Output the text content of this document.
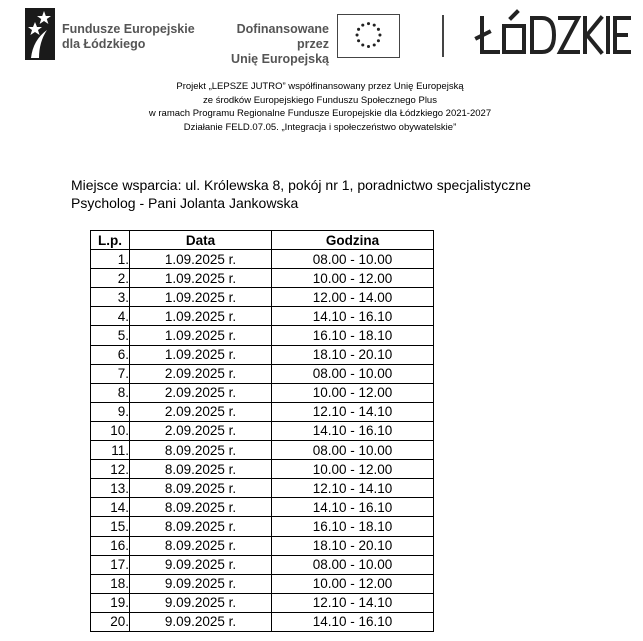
Fundusze Europejskie
dla Łódzkiego
Dofinansowane przez
Unię Europejską
Projekt „LEPSZE JUTRO” współfinansowany przez Unię Europejską
ze środków Europejskiego Funduszu Społecznego Plus
w ramach Programu Regionalne Fundusze Europejskie dla Łódzkiego 2021-2027
Działanie FELD.07.05. „Integracja i społeczeństwo obywatelskie”
Miejsce wsparcia: ul. Królewska 8, pokój nr 1, poradnictwo specjalistyczne
Psycholog - Pani Jolanta Jankowska
L.p.	Data	Godzina
1.	1.09.2025 r.	08.00 - 10.00
2.	1.09.2025 r.	10.00 - 12.00
3.	1.09.2025 r.	12.00 - 14.00
4.	1.09.2025 r.	14.10 - 16.10
5.	1.09.2025 r.	16.10 - 18.10
6.	1.09.2025 r.	18.10 - 20.10
7.	2.09.2025 r.	08.00 - 10.00
8.	2.09.2025 r.	10.00 - 12.00
9.	2.09.2025 r.	12.10 - 14.10
10.	2.09.2025 r.	14.10 - 16.10
11.	8.09.2025 r.	08.00 - 10.00
12.	8.09.2025 r.	10.00 - 12.00
13.	8.09.2025 r.	12.10 - 14.10
14.	8.09.2025 r.	14.10 - 16.10
15.	8.09.2025 r.	16.10 - 18.10
16.	8.09.2025 r.	18.10 - 20.10
17.	9.09.2025 r.	08.00 - 10.00
18.	9.09.2025 r.	10.00 - 12.00
19.	9.09.2025 r.	12.10 - 14.10
20.	9.09.2025 r.	14.10 - 16.10
